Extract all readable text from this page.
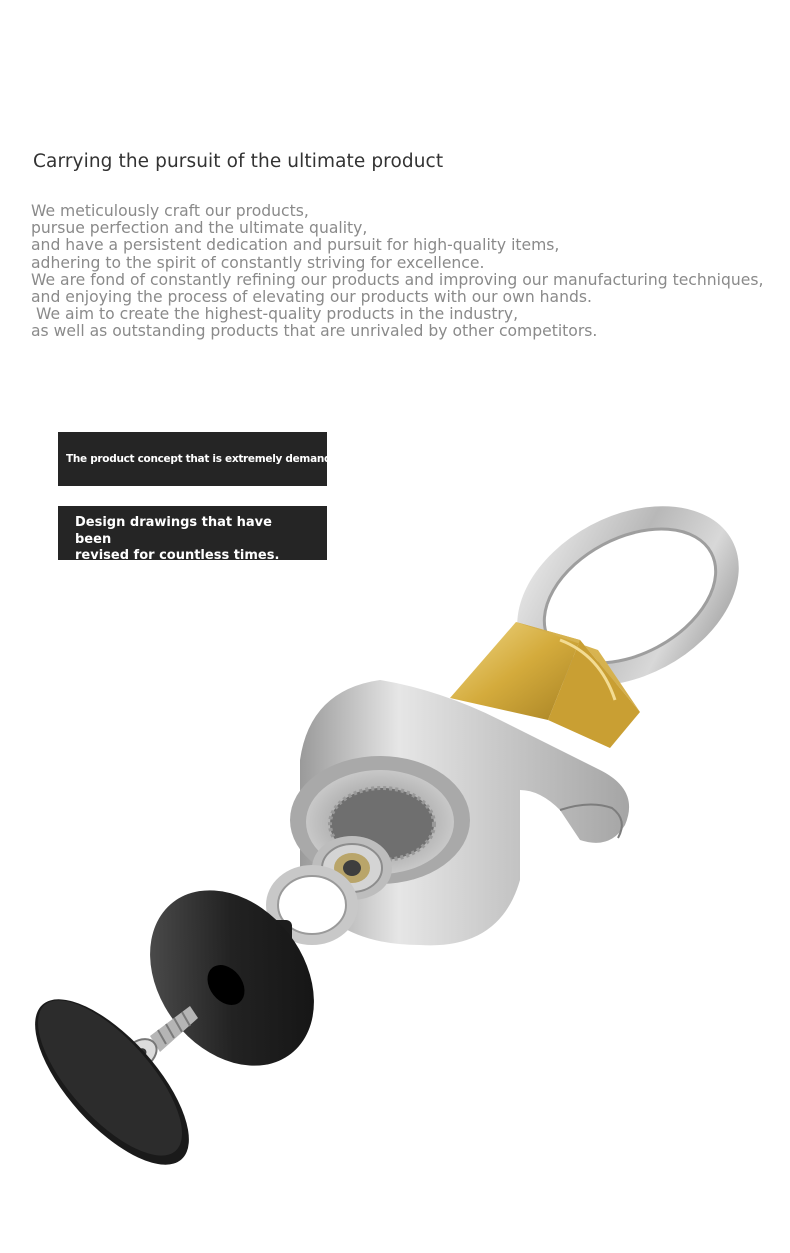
Carrying the pursuit of the ultimate product
We meticulously craft our products,
pursue perfection and the ultimate quality,
and have a persistent dedication and pursuit for high-quality items,
adhering to the spirit of constantly striving for excellence.
We are fond of constantly refining our products and improving our manufacturing techniques,
and enjoying the process of elevating our products with our own hands.
We aim to create the highest-quality products in the industry,
as well as outstanding products that are unrivaled by other competitors.
The product concept that is extremely demanding.
Design drawings that have been
revised for countless times.
